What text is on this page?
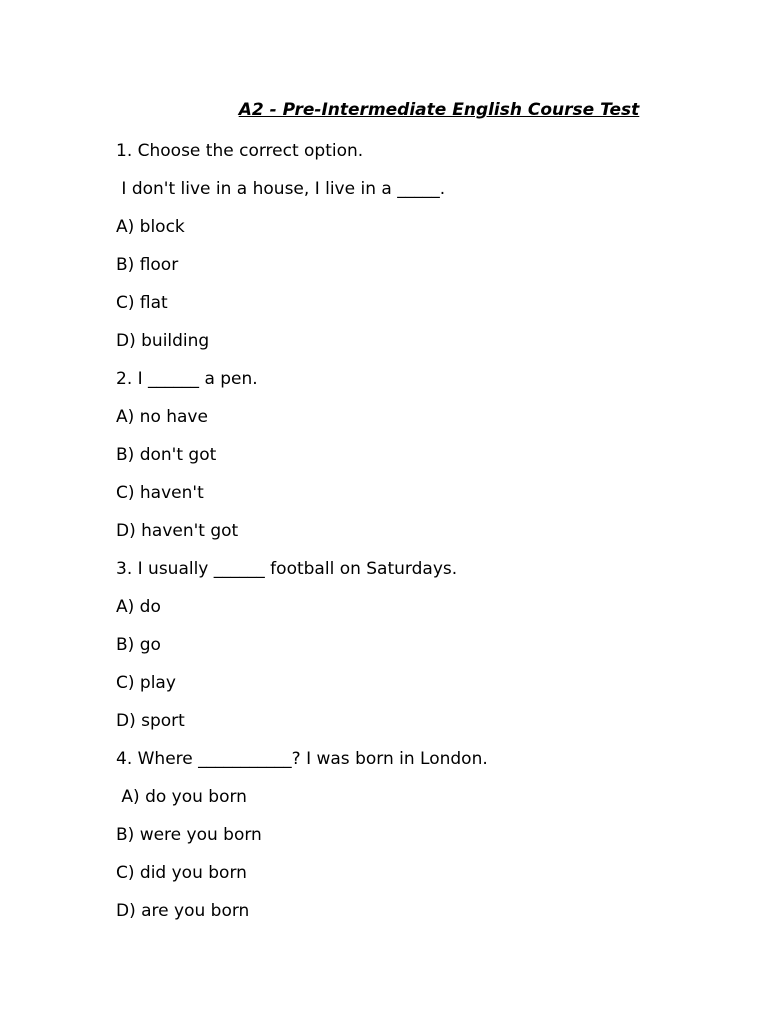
A2 - Pre-Intermediate English Course Test
1. Choose the correct option.
I don't live in a house, I live in a _____.
A) block
B) floor
C) flat
D) building
2. I ______ a pen.
A) no have
B) don't got
C) haven't
D) haven't got
3. I usually ______ football on Saturdays.
A) do
B) go
C) play
D) sport
4. Where ___________? I was born in London.
A) do you born
B) were you born
C) did you born
D) are you born
